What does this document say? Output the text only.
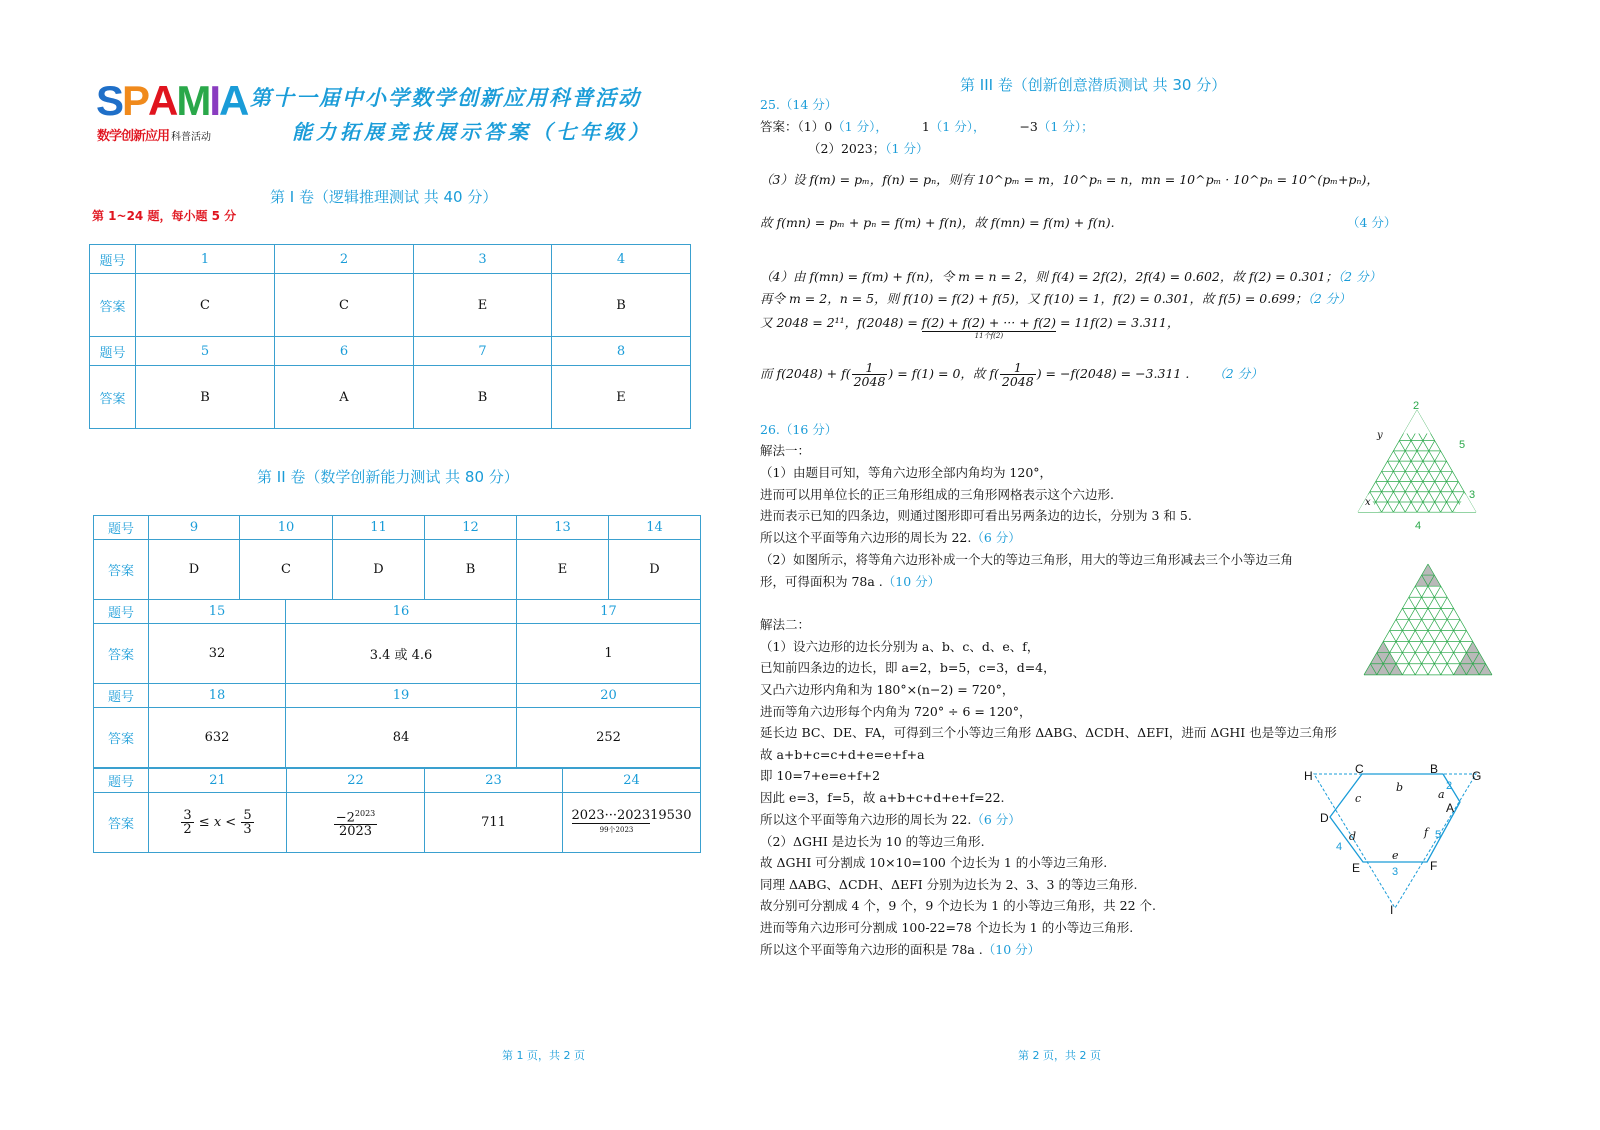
SPAMIA
数学创新应用 科普活动
第十一届中小学数学创新应用科普活动
能力拓展竞技展示答案（七年级）
第 I 卷（逻辑推理测试 共 40 分）
第 1~24 题，每小题 5 分
题号	1	2	3	4
答案	C	C	E	B
题号	5	6	7	8
答案	B	A	B	E
第 II 卷（数学创新能力测试 共 80 分）
题号	9	10		11	12	13	14
答案	D	C		D	B	E	D
题号	15		16			17	
答案	32		3.4 或 4.6			1	
题号	18		19			20	
答案	632		84			252	
题号	21	22	23	24
答案	$\frac{3}{2} \le x < \frac{5}{3}$	$\frac{-2^{2023}}{2023}$	711	2023···202319530
99个2023
第 1 页，共 2 页
第 III 卷（创新创意潜质测试 共 30 分）
25.（14 分）
答案：（1）0（1 分），	1（1 分），	−3（1 分）；
（2）2023；（1 分）
（3）设 f(m) = pₘ，f(n) = pₙ，则有 10^pₘ = m，10^pₙ = n，mn = 10^pₘ · 10^pₙ = 10^(pₘ+pₙ)，
故 f(mn) = pₘ + pₙ = f(m) + f(n)，故 f(mn) = f(m) + f(n).	（4 分）
（4）由 f(mn) = f(m) + f(n)，令 m = n = 2，则 f(4) = 2f(2)，2f(4) = 0.602，故 f(2) = 0.301；（2 分）
再令 m = 2，n = 5，则 f(10) = f(2) + f(5)，又 f(10) = 1，f(2) = 0.301，故 f(5) = 0.699；（2 分）
又 2048 = 2¹¹，f(2048) = f(2) + f(2) + ··· + f(2)
11个f(2)
= 11f(2) = 3.311，
而 $f(2048) + f( \frac{1}{2048}$ ) = f(1) = 0，故 $f( \frac{1}{2048}$ ) = −f(2048) = −3.311 . （2 分）
26.（16 分）
解法一：
（1）由题目可知，等角六边形全部内角均为 120°，
进而可以用单位长的正三角形组成的三角形网格表示这个六边形.
进而表示已知的四条边，则通过图形即可看出另两条边的边长，分别为 3 和 5.
所以这个平面等角六边形的周长为 22.（6 分）
（2）如图所示，将等角六边形补成一个大的等边三角形，用大的等边三角形减去三个小等边三角
形，可得面积为 78a .（10 分）
解法二：
（1）设六边形的边长分别为 a、b、c、d、e、f，
已知前四条边的边长，即 a=2，b=5，c=3，d=4，
又凸六边形内角和为 180°×(n−2) = 720°，
进而等角六边形每个内角为 720° ÷ 6 = 120°，
延长边 BC、DE、FA，可得到三个小等边三角形 ΔABG、ΔCDH、ΔEFI，进而 ΔGHI 也是等边三角形
故 a+b+c=c+d+e=e+f+a
即 10=7+e=e+f+2
因此 e=3，f=5，故 a+b+c+d+e+f=22.
所以这个平面等角六边形的周长为 22.（6 分）
（2）ΔGHI 是边长为 10 的等边三角形.
故 ΔGHI 可分割成 10×10=100 个边长为 1 的小等边三角形.
同理 ΔABG、ΔCDH、ΔEFI 分别为边长为 2、3、3 的等边三角形.
故分别可分割成 4 个，9 个，9 个边长为 1 的小等边三角形，共 22 个.
进而等角六边形可分割成 100-22=78 个边长为 1 的小等边三角形.
所以这个平面等角六边形的面积是 78a .（10 分）
2
5
3
4
y
x
H	C	B	G
A
D
E	F
I
a
b
c
d
e
f
2
5
4
3
第 2 页，共 2 页
